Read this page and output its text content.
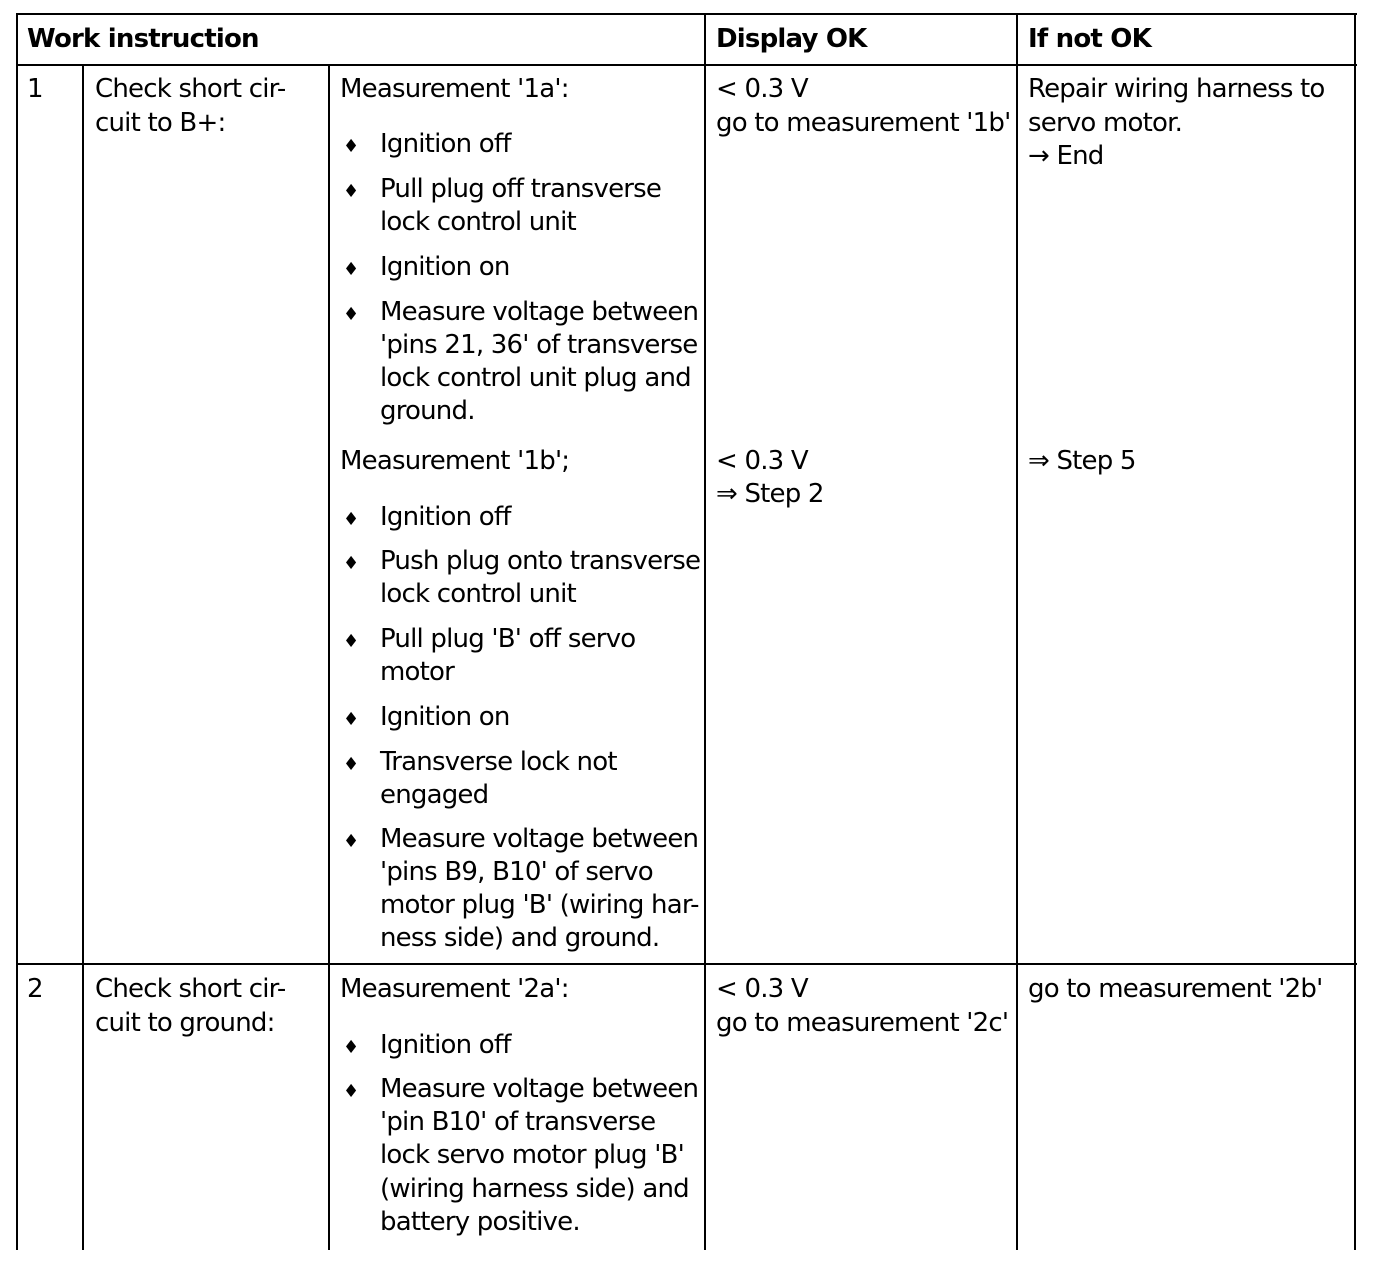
Work instruction	Display OK	If not OK
1 Check short cir-
cuit to B+:
Measurement '1a':
♦ Ignition off
♦ Pull plug off transverse
lock control unit
♦ Ignition on
♦ Measure voltage between
'pins 21, 36' of transverse
lock control unit plug and
ground.
< 0.3 V
go to measurement '1b'
Repair wiring harness to
servo motor.
→ End
Measurement '1b';
♦ Ignition off
♦ Push plug onto transverse
lock control unit
♦ Pull plug 'B' off servo
motor
♦ Ignition on
♦ Transverse lock not
engaged
♦ Measure voltage between
'pins B9, B10' of servo
motor plug 'B' (wiring har-
ness side) and ground.
< 0.3 V
⇒ Step 2
⇒ Step 5
2 Check short cir-
cuit to ground:
Measurement '2a':
♦ Ignition off
♦ Measure voltage between
'pin B10' of transverse
lock servo motor plug 'B'
(wiring harness side) and
battery positive.
< 0.3 V
go to measurement '2c'
go to measurement '2b'
